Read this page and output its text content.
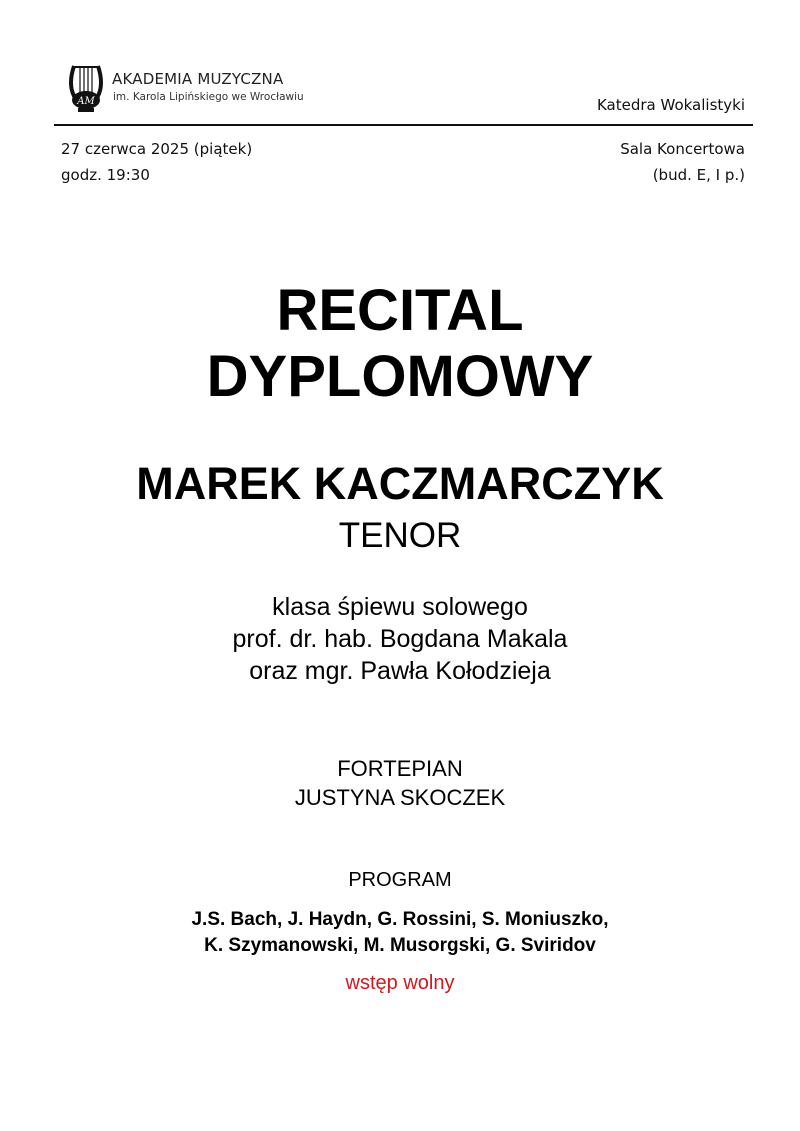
AM
AKADEMIA MUZYCZNA
im. Karola Lipińskiego we Wrocławiu	Katedra Wokalistyki
27 czerwca 2025 (piątek)
godz. 19:30
Sala Koncertowa
(bud. E, I p.)
RECITAL
DYPLOMOWY
MAREK KACZMARCZYK
TENOR
klasa śpiewu solowego
prof. dr. hab. Bogdana Makala
oraz mgr. Pawła Kołodzieja
FORTEPIAN
JUSTYNA SKOCZEK
PROGRAM
J.S. Bach, J. Haydn, G. Rossini, S. Moniuszko,
K. Szymanowski, M. Musorgski, G. Sviridov
wstęp wolny
